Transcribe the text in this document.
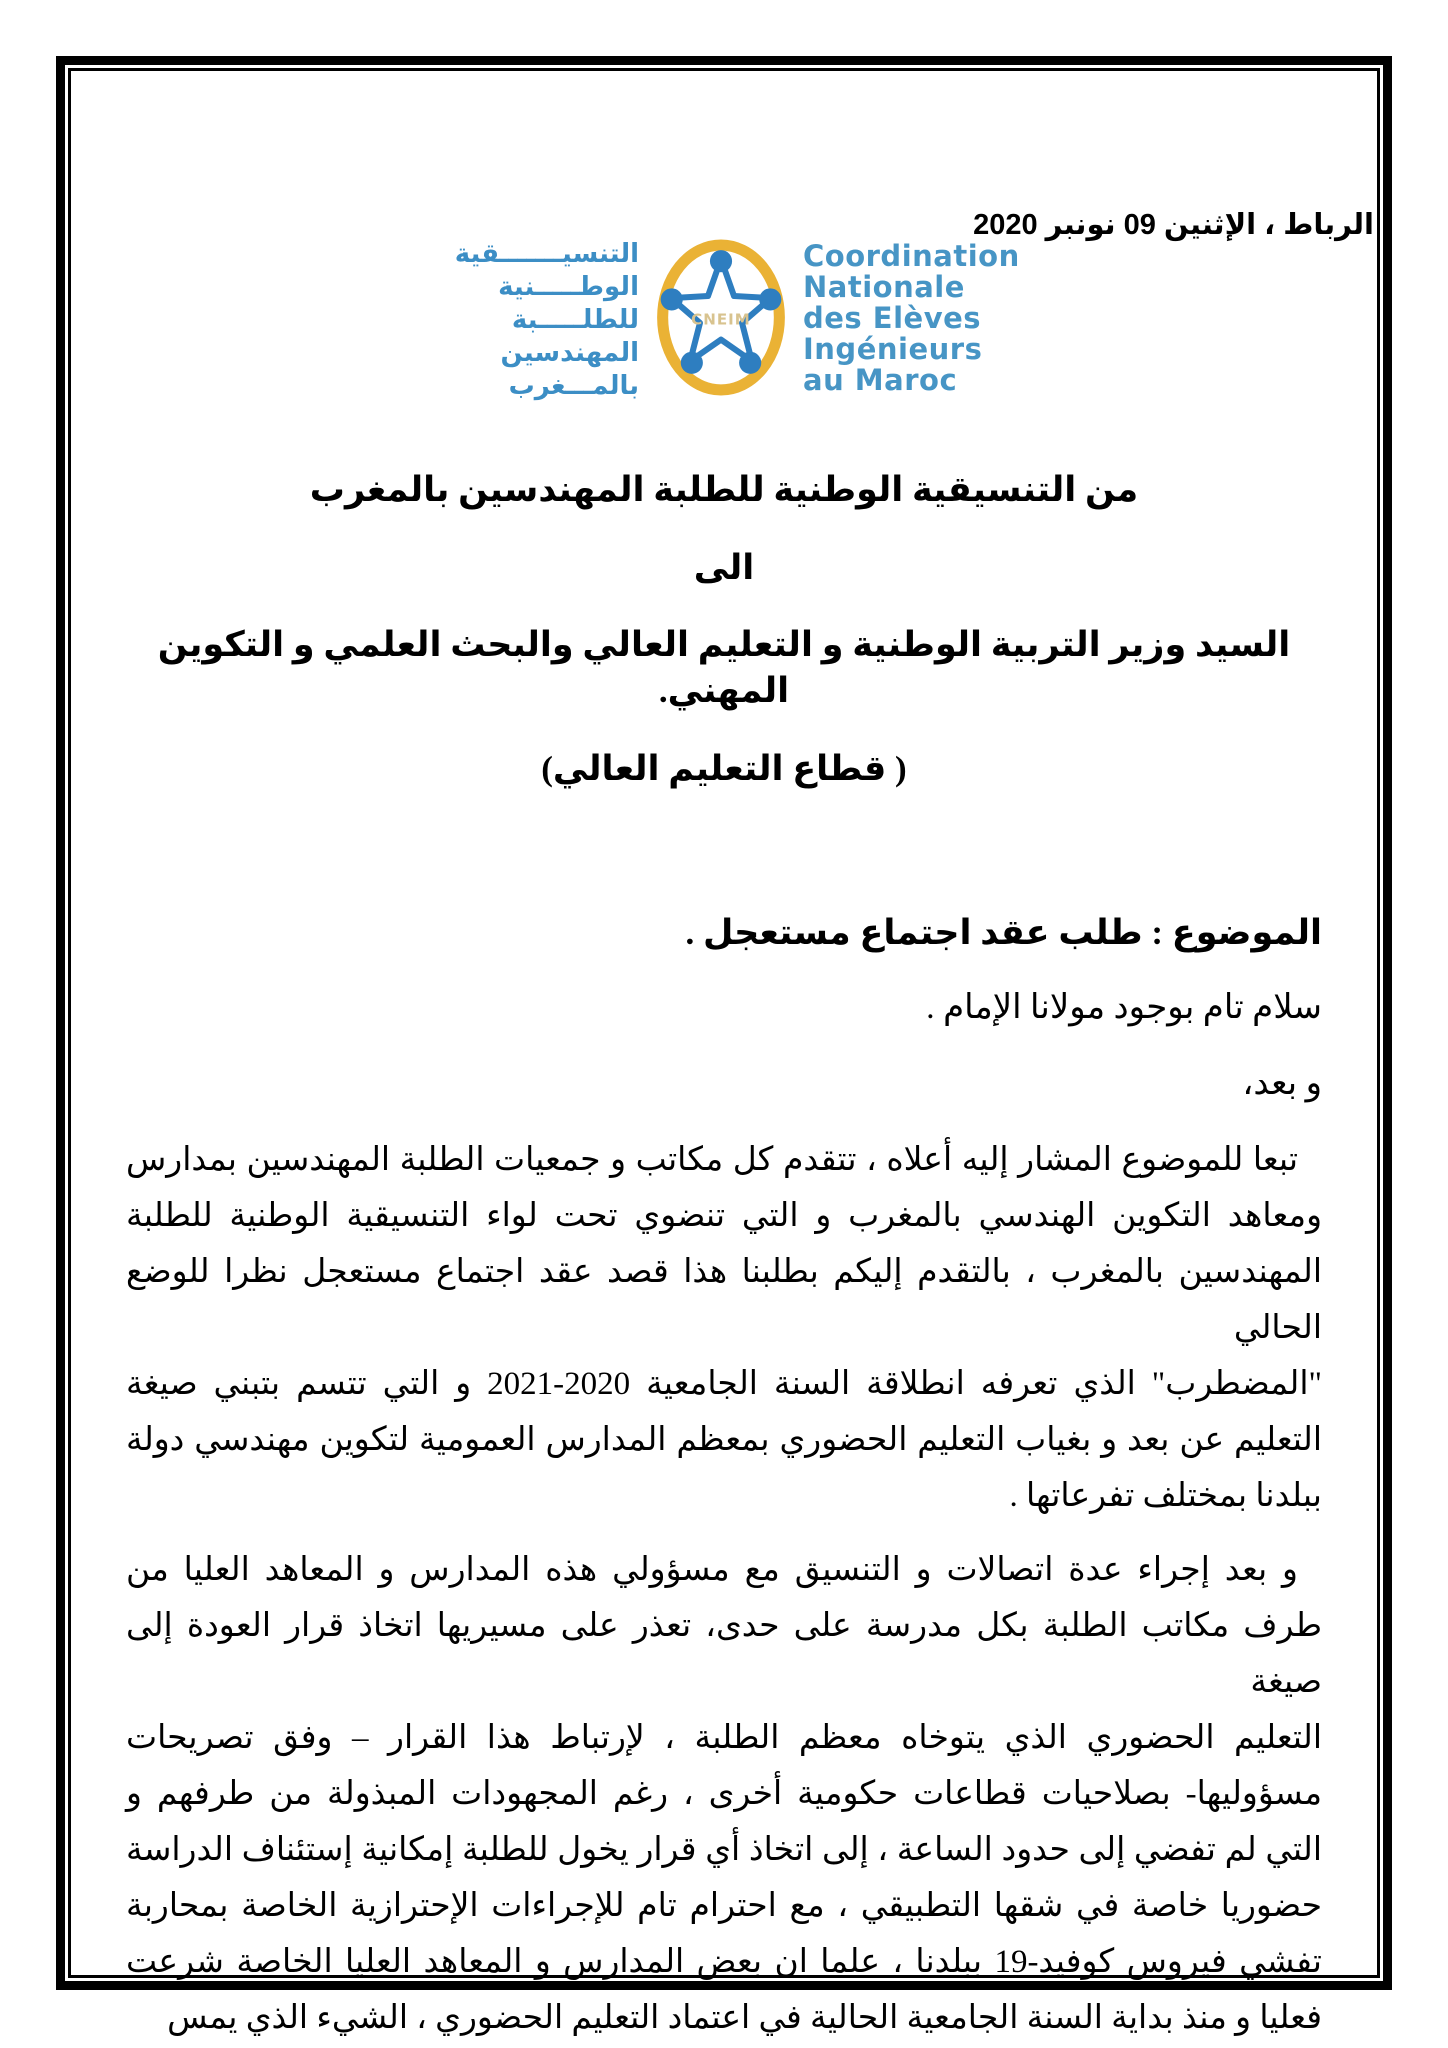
الرباط ، الإثنين 09 نونبر 2020
التنسيـــــــقية
الوطـــــنية
للطلـــــبة
المهندسين
بالمـــغرب
CNEIM
Coordination
Nationale
des Elèves
Ingénieurs
au Maroc
من التنسيقية الوطنية للطلبة المهندسين بالمغرب
الى
السيد وزير التربية الوطنية و التعليم العالي والبحث العلمي و التكوين المهني.
( قطاع التعليم العالي)
الموضوع : طلب عقد اجتماع مستعجل .
سلام تام بوجود مولانا الإمام .
و بعد،
تبعا للموضوع المشار إليه أعلاه ، تتقدم كل مكاتب و جمعيات الطلبة المهندسين بمدارس
ومعاهد التكوين الهندسي بالمغرب و التي تنضوي تحت لواء التنسيقية الوطنية للطلبة
المهندسين بالمغرب ، بالتقدم إليكم بطلبنا هذا قصد عقد اجتماع مستعجل نظرا للوضع الحالي
"المضطرب" الذي تعرفه انطلاقة السنة الجامعية 2020-2021 و التي تتسم بتبني صيغة
التعليم عن بعد و بغياب التعليم الحضوري بمعظم المدارس العمومية لتكوين مهندسي دولة
ببلدنا بمختلف تفرعاتها .
و بعد إجراء عدة اتصالات و التنسيق مع مسؤولي هذه المدارس و المعاهد العليا من
طرف مكاتب الطلبة بكل مدرسة على حدى، تعذر على مسيريها اتخاذ قرار العودة إلى صيغة
التعليم الحضوري الذي يتوخاه معظم الطلبة ، لإرتباط هذا القرار – وفق تصريحات
مسؤوليها- بصلاحيات قطاعات حكومية أخرى ، رغم المجهودات المبذولة من طرفهم و
التي لم تفضي إلى حدود الساعة ، إلى اتخاذ أي قرار يخول للطلبة إمكانية إستئناف الدراسة
حضوريا خاصة في شقها التطبيقي ، مع احترام تام للإجراءات الإحترازية الخاصة بمحاربة
تفشي فيروس كوفيد-19 ببلدنا ، علما ان بعض المدارس و المعاهد العليا الخاصة شرعت
فعليا و منذ بداية السنة الجامعية الحالية في اعتماد التعليم الحضوري ، الشيء الذي يمس
